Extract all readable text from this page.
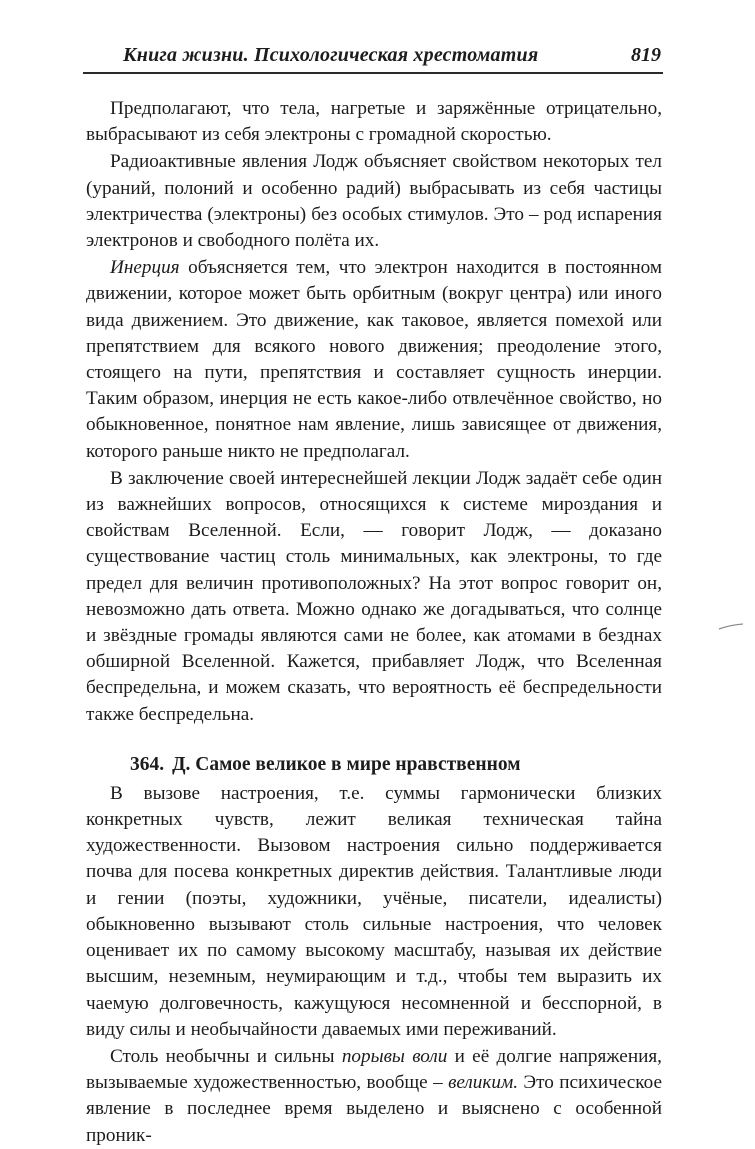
Книга жизни. Психологическая хрестоматия	819

Предполагают, что тела, нагретые и заряжённые отрицательно, выбрасывают из себя электроны с громадной скоростью.

Радиоактивные явления Лодж объясняет свойством некоторых тел (ураний, полоний и особенно радий) выбрасывать из себя частицы электричества (электроны) без особых стимулов. Это – род испарения электронов и свободного полёта их.

Инерция объясняется тем, что электрон находится в постоянном движении, которое может быть орбитным (вокруг центра) или иного вида движением. Это движение, как таковое, является помехой или препятствием для всякого нового движения; преодоление этого, стоящего на пути, препятствия и составляет сущность инерции. Таким образом, инерция не есть какое-либо отвлечённое свойство, но обыкновенное, понятное нам явление, лишь зависящее от движения, которого раньше никто не предполагал.

В заключение своей интереснейшей лекции Лодж задаёт себе один из важнейших вопросов, относящихся к системе мироздания и свойствам Вселенной. Если, — говорит Лодж, — доказано существование частиц столь минимальных, как электроны, то где предел для величин противоположных? На этот вопрос говорит он, невозможно дать ответа. Можно однако же догадываться, что солнце и звёздные громады являются сами не более, как атомами в безднах обширной Вселенной. Кажется, прибавляет Лодж, что Вселенная беспредельна, и можем сказать, что вероятность её беспредельности также беспредельна.

364. Д. Самое великое в мире нравственном

В вызове настроения, т.е. суммы гармонически близких конкретных чувств, лежит великая техническая тайна художественности. Вызовом настроения сильно поддерживается почва для посева конкретных директив действия. Талантливые люди и гении (поэты, художники, учёные, писатели, идеалисты) обыкновенно вызывают столь сильные настроения, что человек оценивает их по самому высокому масштабу, называя их действие высшим, неземным, неумирающим и т.д., чтобы тем выразить их чаемую долговечность, кажущуюся несомненной и бесспорной, в виду силы и необычайности даваемых ими переживаний.

Столь необычны и сильны порывы воли и её долгие напряжения, вызываемые художественностью, вообще – великим. Это психическое явление в последнее время выделено и выяснено с особенной проник-
